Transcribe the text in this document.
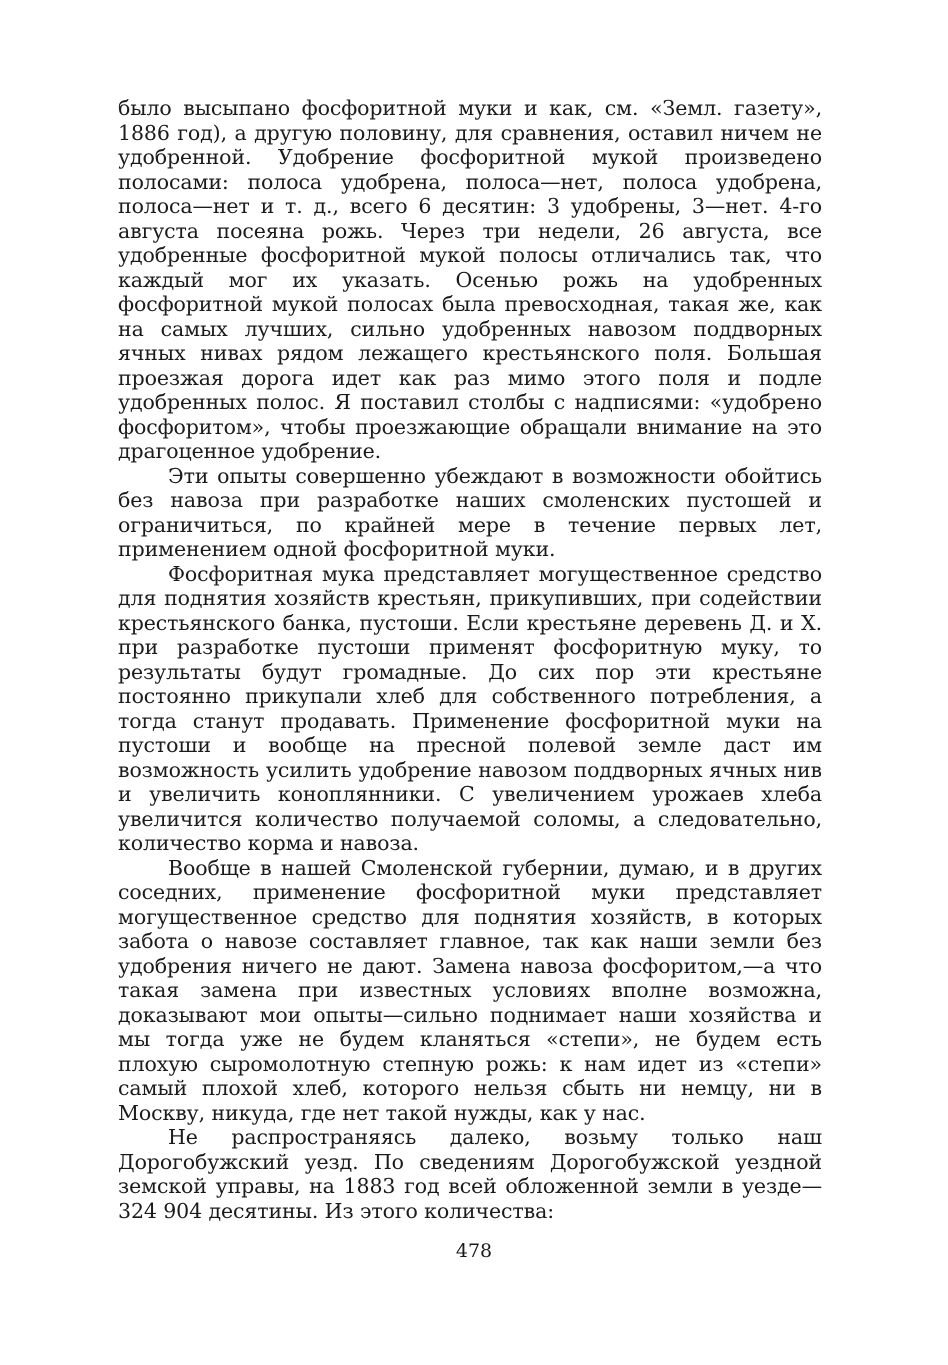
было высыпано фосфоритной муки и как, см. «Земл. газету», 1886 год), а другую половину, для сравнения, оставил ничем не удобренной. Удобрение фосфоритной мукой произведено полосами: полоса удобрена, полоса—нет, полоса удобрена, полоса—нет и т. д., всего 6 десятин: 3 удобрены, 3—нет. 4-го августа посеяна рожь. Через три недели, 26 августа, все удобренные фосфоритной мукой полосы отличались так, что каждый мог их указать. Осенью рожь на удобренных фосфоритной мукой полосах была превосходная, такая же, как на самых лучших, сильно удобренных навозом поддворных ячных нивах рядом лежащего крестьянского поля. Большая проезжая дорога идет как раз мимо этого поля и подле удобренных полос. Я поставил столбы с надписями: «удобрено фосфоритом», чтобы проезжающие обращали внимание на это драгоценное удобрение.

Эти опыты совершенно убеждают в возможности обойтись без навоза при разработке наших смоленских пустошей и ограничиться, по крайней мере в течение первых лет, применением одной фосфоритной муки.

Фосфоритная мука представляет могущественное средство для поднятия хозяйств крестьян, прикупивших, при содействии крестьянского банка, пустоши. Если крестьяне деревень Д. и Х. при разработке пустоши применят фосфоритную муку, то результаты будут громадные. До сих пор эти крестьяне постоянно прикупали хлеб для собственного потребления, а тогда станут продавать. Применение фосфоритной муки на пустоши и вообще на пресной полевой земле даст им возможность усилить удобрение навозом поддворных ячных нив и увеличить коноплянники. С увеличением урожаев хлеба увеличится количество получаемой соломы, а следовательно, количество корма и навоза.

Вообще в нашей Смоленской губернии, думаю, и в других соседних, применение фосфоритной муки представляет могущественное средство для поднятия хозяйств, в которых забота о навозе составляет главное, так как наши земли без удобрения ничего не дают. Замена навоза фосфоритом,—а что такая замена при известных условиях вполне возможна, доказывают мои опыты—сильно поднимает наши хозяйства и мы тогда уже не будем кланяться «степи», не будем есть плохую сыромолотную степную рожь: к нам идет из «степи» самый плохой хлеб, которого нельзя сбыть ни немцу, ни в Москву, никуда, где нет такой нужды, как у нас.

Не распространяясь далеко, возьму только наш Дорогобужский уезд. По сведениям Дорогобужской уездной земской управы, на 1883 год всей обложенной земли в уезде—324 904 десятины. Из этого количества:

478
